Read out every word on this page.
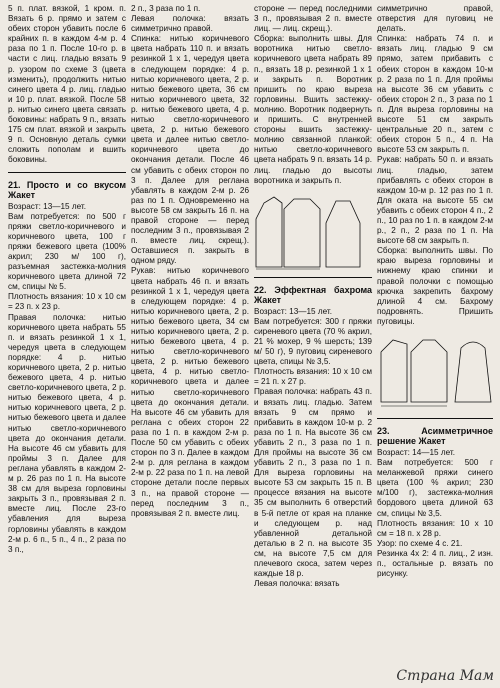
5 п. плат. вязкой, 1 кром. п. Вязать 6 р. прямо и затем с обеих сторон убавить после 6 крайних п. в каждом 4-м р. 4 раза по 1 п. После 10-го р. в части с лиц. гладью вязать 9 р. узором по схеме 3 (цвета изменить), продолжить нитью синего цвета 4 р. лиц. гладью и 10 р. плат. вязкой. После 58 р. нитью синего цвета связать боковины: набрать 9 п., вязать 175 см плат. вязкой и закрыть 9 п. Основную деталь сумки сложить пополам и вшить боковины.

21. Просто и со вкусом Жакет

Возраст: 13—15 лет.

Вам потребуется: по 500 г пряжи светло-коричневого и коричневого цвета, 100 г пряжи бежевого цвета (100% акрил; 230 м/ 100 г), разъемная застежка-молния коричневого цвета длиной 72 см, спицы № 5.

Плотность вязания: 10 х 10 см = 23 п. х 23 р.

Правая полочка: нитью коричневого цвета набрать 55 п. и вязать резинкой 1 х 1, чередуя цвета в следующем порядке: 4 р. нитью коричневого цвета, 2 р. нитью бежевого цвета, 4 р. нитью светло-коричневого цвета, 2 р. нитью бежевого цвета, 4 р. нитью коричневого цвета, 2 р. нитью бежевого цвета и далее нитью светло-коричневого цвета до окончания детали. На высоте 46 см убавить для проймы 3 п. Далее для реглана убавлять в каждом 2-м р. 26 раз по 1 п. На высоте 38 см для выреза горловины закрыть 3 п., провязывая 2 п. вместе лиц. После 23-го убавления для выреза горловины убавлять в каждом 2-м р. 6 п., 5 п., 4 п., 2 раза по 3 п.,

2 п., 3 раза по 1 п.

Левая полочка: вязать симметрично правой.

Спинка: нитью коричневого цвета набрать 110 п. и вязать резинкой 1 х 1, чередуя цвета в следующем порядке: 4 р. нитью коричневого цвета, 2 р. нитью бежевого цвета, 36 см нитью коричневого цвета, 32 р. нитью бежевого цвета, 4 р. нитью светло-коричневого цвета, 2 р. нитью бежевого цвета и далее нитью светло-коричневого цвета до окончания детали. После 46 см убавить с обеих сторон по 3 п. Далее для реглана убавлять в каждом 2-м р. 26 раз по 1 п. Одновременно на высоте 58 см закрыть 16 п. на правой стороне — перед последним 3 п., провязывая 2 п. вместе лиц. скрещ.). Оставшиеся п. закрыть в одном ряду.

Рукав: нитью коричневого цвета набрать 46 п. и вязать резинкой 1 х 1, чередуя цвета в следующем порядке: 4 р. нитью коричневого цвета, 2 р. нитью бежевого цвета, 34 см нитью коричневого цвета, 2 р. нитью бежевого цвета, 4 р. нитью светло-коричневого цвета, 2 р. нитью бежевого цвета, 4 р. нитью светло-коричневого цвета и далее нитью светло-коричневого цвета до окончания детали. На высоте 46 см убавить для реглана с обеих сторон 22 раза по 1 п. в каждом 2-м р. После 50 см убавить с обеих сторон по 3 п. Далее в каждом 2-м р. для реглана в каждом 2-м р. 22 раза по 1 п. на левой стороне детали после первых 3 п., на правой стороне — перед последним 3 п., провязывая 2 п. вместе лиц.

стороне — перед последними 3 п., провязывая 2 п. вместе лиц. — лиц. скрещ.).

Сборка: выполнить швы. Для воротника нитью светло-коричневого цвета набрать 89 п., вязать 18 р. резинкой 1 х 1 и закрыть п. Воротник пришить по краю выреза горловины. Вшить застежку-молнию. Воротник подвернуть и пришить. С внутренней стороны вшить застежку-молнию связанной планкой: нитью светло-коричневого цвета набрать 9 п. вязать 14 р. лиц. гладью до высоты воротника и закрыть п.

22. Эффектная бахрома Жакет

Возраст: 13—15 лет.

Вам потребуется: 300 г пряжи сиреневого цвета (70 % акрил, 21 % мохер, 9 % шерсть; 139 м/ 50 г), 9 пуговиц сиреневого цвета, спицы № 3,5.

Плотность вязания: 10 х 10 см = 21 п. х 27 р.

Правая полочка: набрать 43 п. и вязать лиц. гладью. Затем вязать 9 см прямо и прибавить в каждом 10-м р. 2 раза по 1 п. На высоте 36 см убавить 2 п., 3 раза по 1 п. Для проймы на высоте 36 см убавить 2 п., 3 раза по 1 п. Для выреза горловины на высоте 53 см закрыть 15 п. В процессе вязания на высоте 35 см выполнить 6 отверстий в 5-й петле от края на планке и следующем р. над убавленной детальной деталью в 2 п. на высоте 35 см, на высоте 7,5 см для плечевого скоса, затем через каждые 18 р.

Левая полочка: вязать

симметрично правой, отверстия для пуговиц не делать.

Спинка: набрать 74 п. и вязать лиц. гладью 9 см прямо, затем прибавить с обеих сторон в каждом 10-м р. 2 раза по 1 п. Для проймы на высоте 36 см убавить с обеих сторон 2 п., 3 раза по 1 п. Для выреза горловины на высоте 51 см закрыть центральные 20 п., затем с обеих сторон 5 п., 4 п. На высоте 53 см закрыть п.

Рукав: набрать 50 п. и вязать лиц. гладью, затем прибавлять с обеих сторон в каждом 10-м р. 12 раз по 1 п. Для оката на высоте 55 см убавить с обеих сторон 4 п., 2 п., 10 раз по 1 п. в каждом 2-м р., 2 п., 2 раза по 1 п. На высоте 68 см закрыть п.

Сборка: выполнить швы. По краю выреза горловины и нижнему краю спинки и правой полочки с помощью крючка закрепить бахрому длиной 4 см. Бахрому подровнять. Пришить пуговицы.

23. Асимметричное решение Жакет

Возраст: 14—15 лет.

Вам потребуется: 500 г меланжевой пряжи синего цвета (100 % акрил; 230 м/100 г), застежка-молния бордового цвета длиной 63 см, спицы № 3,5.

Плотность вязания: 10 х 10 см = 18 п. х 28 р.

Узор: по схеме 4 с. 21.

Резинка 4х 2: 4 п. лиц., 2 изн. п., остальные р. вязать по рисунку.

Страна Мам
